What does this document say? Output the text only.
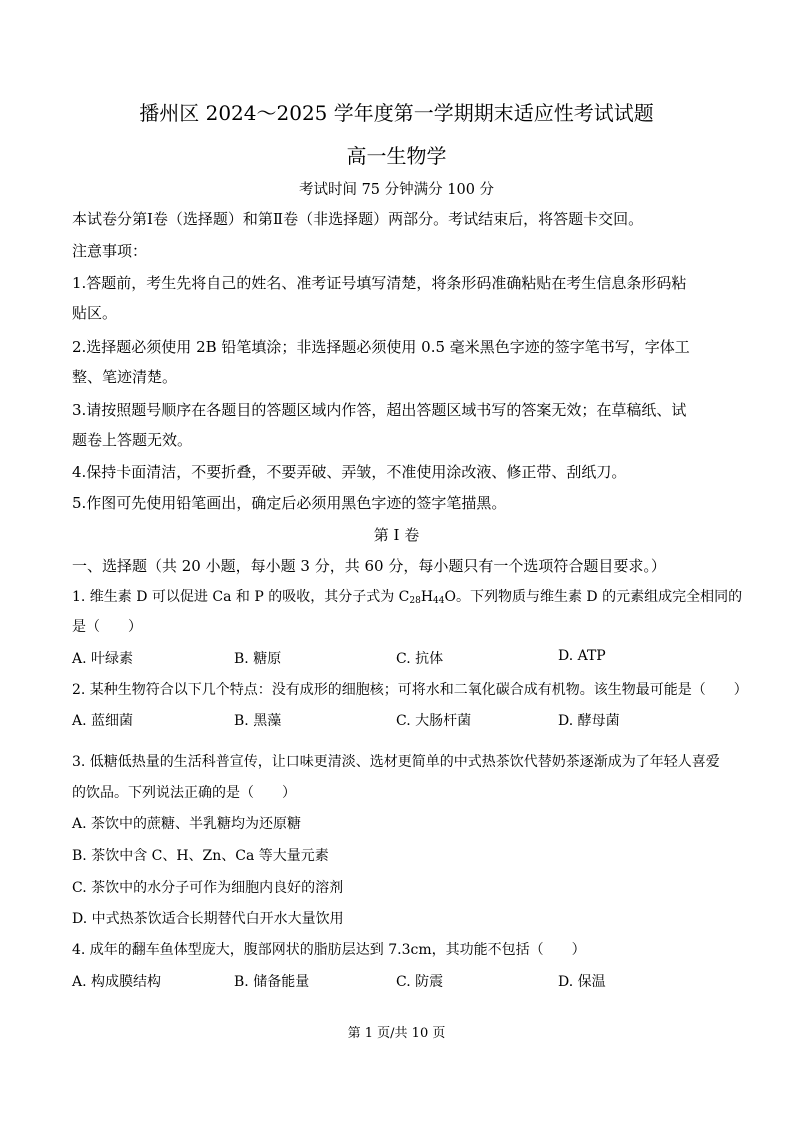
播州区 2024～2025 学年度第一学期期末适应性考试试题
高一生物学
考试时间 75 分钟满分 100 分
本试卷分第Ⅰ卷（选择题）和第Ⅱ卷（非选择题）两部分。考试结束后，将答题卡交回。
注意事项：
1.答题前，考生先将自己的姓名、准考证号填写清楚，将条形码准确粘贴在考生信息条形码粘
贴区。
2.选择题必须使用 2B 铅笔填涂；非选择题必须使用 0.5 毫米黑色字迹的签字笔书写，字体工
整、笔迹清楚。
3.请按照题号顺序在各题目的答题区域内作答，超出答题区域书写的答案无效；在草稿纸、试
题卷上答题无效。
4.保持卡面清洁，不要折叠，不要弄破、弄皱，不准使用涂改液、修正带、刮纸刀。
5.作图可先使用铅笔画出，确定后必须用黑色字迹的签字笔描黑。
第 I 卷
一、选择题（共 20 小题，每小题 3 分，共 60 分，每小题只有一个选项符合题目要求。）
1. 维生素 D 可以促进 Ca 和 P 的吸收，其分子式为 $C_{28}H_{44}O$。下列物质与维生素 D 的元素组成完全相同的
是（　　）
A. 叶绿素	B. 糖原	C. 抗体	D. ATP
2. 某种生物符合以下几个特点：没有成形的细胞核；可将水和二氧化碳合成有机物。该生物最可能是（　　）
A. 蓝细菌	B. 黑藻	C. 大肠杆菌	D. 酵母菌
3. 低糖低热量的生活科普宣传，让口味更清淡、选材更简单的中式热茶饮代替奶茶逐渐成为了年轻人喜爱
的饮品。下列说法正确的是（　　）
A. 茶饮中的蔗糖、半乳糖均为还原糖
B. 茶饮中含 C、H、Zn、Ca 等大量元素
C. 茶饮中的水分子可作为细胞内良好的溶剂
D. 中式热茶饮适合长期替代白开水大量饮用
4. 成年的翻车鱼体型庞大，腹部网状的脂肪层达到 7.3cm，其功能不包括（　　）
A. 构成膜结构	B. 储备能量	C. 防震	D. 保温
第 1 页/共 10 页
